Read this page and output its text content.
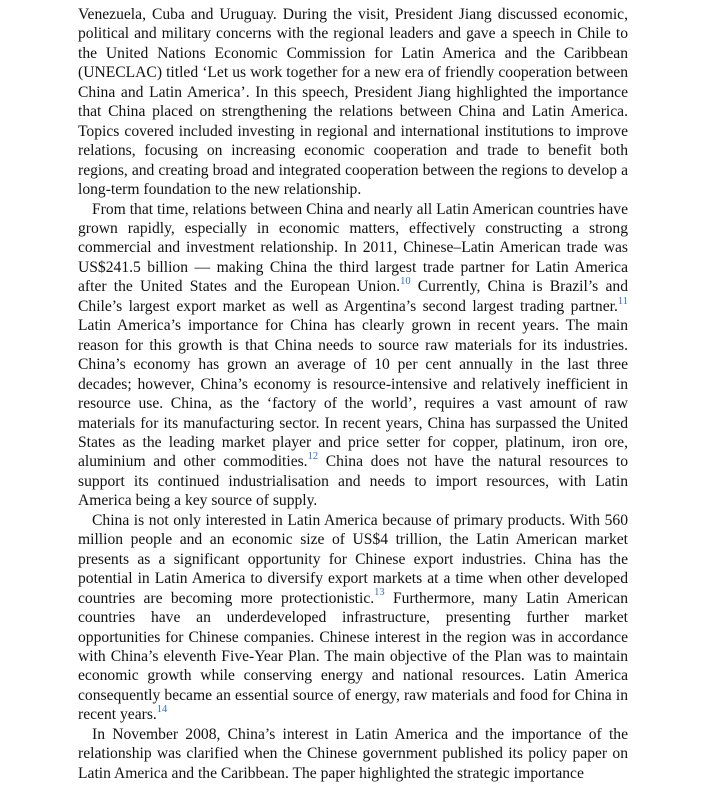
Venezuela, Cuba and Uruguay. During the visit, President Jiang discussed economic, political and military concerns with the regional leaders and gave a speech in Chile to the United Nations Economic Commission for Latin America and the Caribbean (UNECLAC) titled ‘Let us work together for a new era of friendly cooperation between China and Latin America’. In this speech, President Jiang highlighted the importance that China placed on strengthening the relations between China and Latin America. Topics covered included investing in regional and international institutions to improve relations, focusing on increasing economic cooperation and trade to benefit both regions, and creating broad and integrated cooperation between the regions to develop a long-term foundation to the new relationship.

From that time, relations between China and nearly all Latin American countries have grown rapidly, especially in economic matters, effectively constructing a strong commercial and investment relationship. In 2011, Chinese–Latin American trade was US$241.5 billion — making China the third largest trade partner for Latin America after the United States and the European Union.$^{10}$ Currently, China is Brazil’s and Chile’s largest export market as well as Argentina’s second largest trading partner.$^{11}$ Latin America’s importance for China has clearly grown in recent years. The main reason for this growth is that China needs to source raw materials for its industries. China’s economy has grown an average of 10 per cent annually in the last three decades; however, China’s economy is resource-intensive and relatively inefficient in resource use. China, as the ‘factory of the world’, requires a vast amount of raw materials for its manufacturing sector. In recent years, China has surpassed the United States as the leading market player and price setter for copper, platinum, iron ore, aluminium and other commodities.$^{12}$ China does not have the natural resources to support its continued industrialisation and needs to import resources, with Latin America being a key source of supply.

China is not only interested in Latin America because of primary products. With 560 million people and an economic size of US$4 trillion, the Latin American market presents as a significant opportunity for Chinese export industries. China has the potential in Latin America to diversify export markets at a time when other developed countries are becoming more protectionistic.$^{13}$ Furthermore, many Latin American countries have an underdeveloped infrastructure, presenting further market opportunities for Chinese companies. Chinese interest in the region was in accordance with China’s eleventh Five-Year Plan. The main objective of the Plan was to maintain economic growth while conserving energy and national resources. Latin America consequently became an essential source of energy, raw materials and food for China in recent years.$^{14}$

In November 2008, China’s interest in Latin America and the importance of the relationship was clarified when the Chinese government published its policy paper on Latin America and the Caribbean. The paper highlighted the strategic importance
